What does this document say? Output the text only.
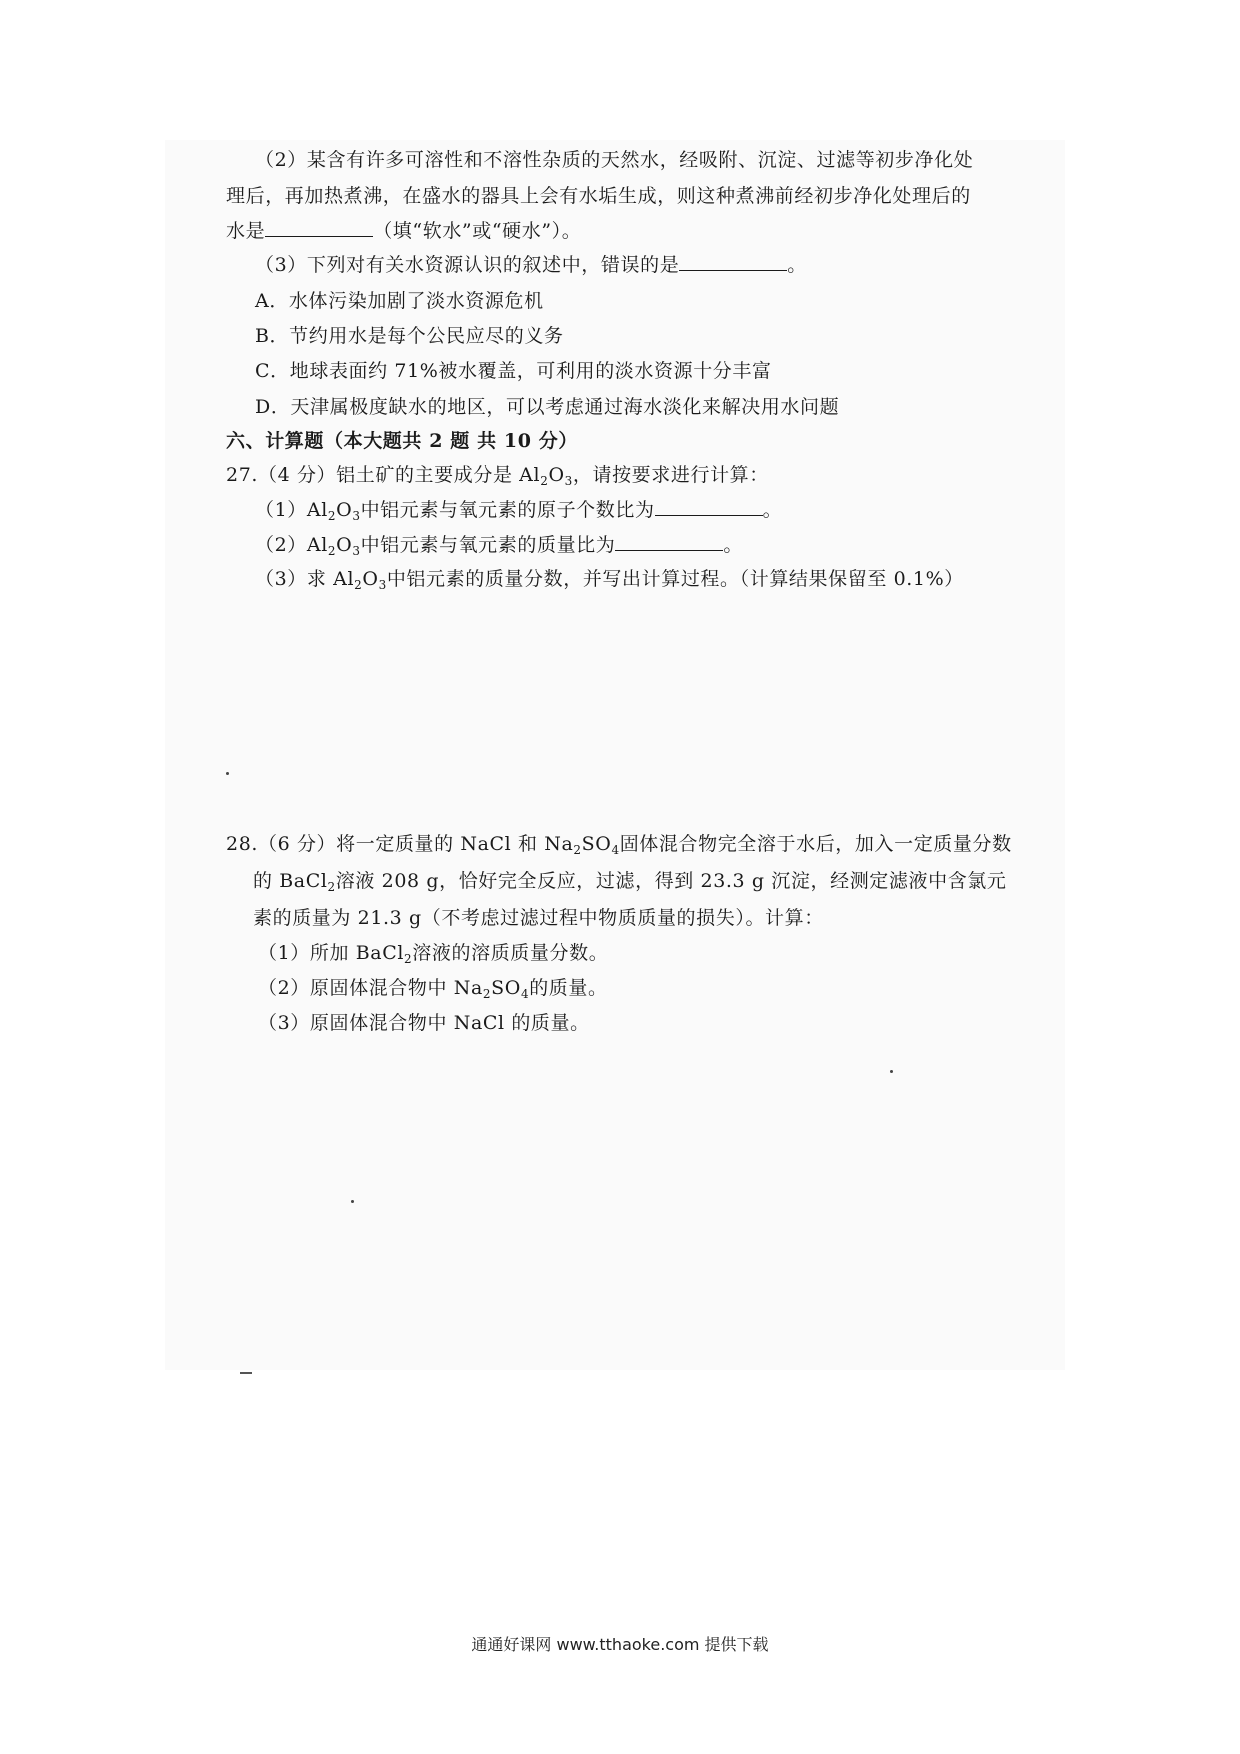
（2）某含有许多可溶性和不溶性杂质的天然水，经吸附、沉淀、过滤等初步净化处
理后，再加热煮沸，在盛水的器具上会有水垢生成，则这种煮沸前经初步净化处理后的
水是	（填“软水”或“硬水”）。
（3）下列对有关水资源认识的叙述中，错误的是	。
A．水体污染加剧了淡水资源危机
B．节约用水是每个公民应尽的义务
C．地球表面约 71%被水覆盖，可利用的淡水资源十分丰富
D．天津属极度缺水的地区，可以考虑通过海水淡化来解决用水问题
六、计算题（本大题共 2 题 共 10 分）
27.（4 分）铝土矿的主要成分是 $Al_2O_3$，请按要求进行计算：
$(1)Al_2O_3$中铝元素与氧元素的原子个数比为	。
$(2)Al_2O_3$中铝元素与氧元素的质量比为	。
（3）求 $Al_2O_3$中铝元素的质量分数，并写出计算过程。（计算结果保留至 0.1%）
28.（6 分）将一定质量的 NaCl 和 $Na_2SO_4$固体混合物完全溶于水后，加入一定质量分数
的 BaCl$_2$溶液 208 g，恰好完全反应，过滤，得到 23.3 g 沉淀，经测定滤液中含氯元
素的质量为 21.3 g（不考虑过滤过程中物质质量的损失）。计算：
（1）所加 BaCl$_2$溶液的溶质质量分数。
（2）原固体混合物中 $Na_2SO_4$的质量。
（3）原固体混合物中 NaCl 的质量。
通通好课网 www.tthaoke.com 提供下载
